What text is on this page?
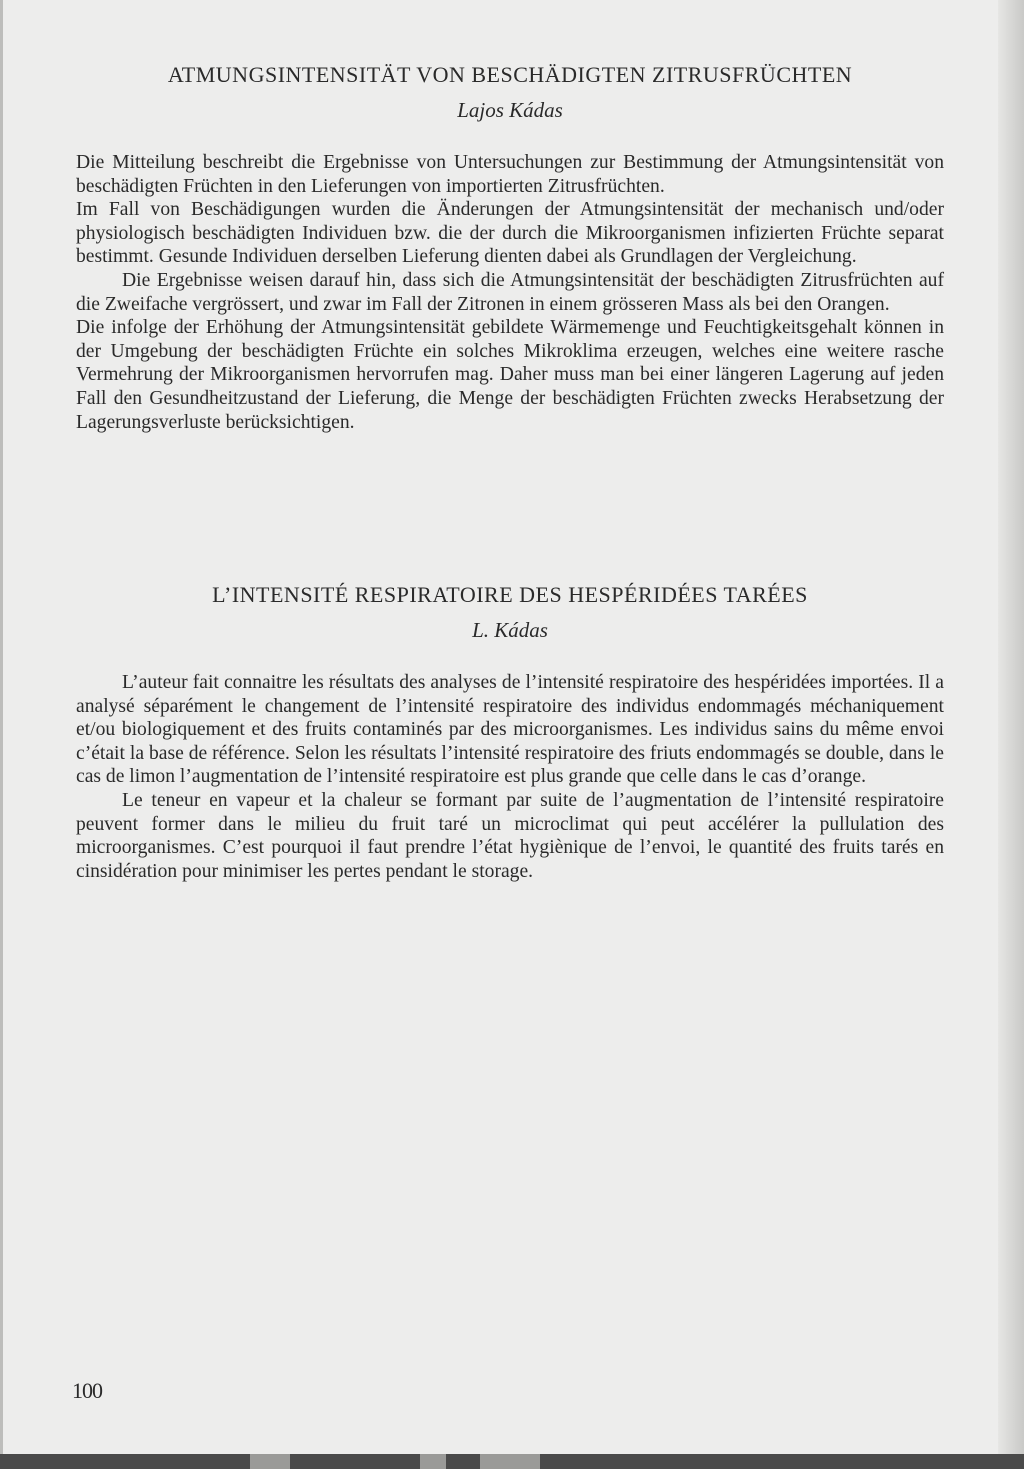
ATMUNGSINTENSITÄT VON BESCHÄDIGTEN ZITRUSFRÜCHTEN
Lajos Kádas

Die Mitteilung beschreibt die Ergebnisse von Untersuchungen zur Bestimmung der Atmungsintensität von beschädigten Früchten in den Lieferungen von importierten Zitrusfrüchten.

Im Fall von Beschädigungen wurden die Änderungen der Atmungsintensität der mechanisch und/oder physiologisch beschädigten Individuen bzw. die der durch die Mikroorganismen infizierten Früchte separat bestimmt. Gesunde Individuen derselben Lieferung dienten dabei als Grundlagen der Vergleichung.

Die Ergebnisse weisen darauf hin, dass sich die Atmungsintensität der beschädigten Zitrusfrüchten auf die Zweifache vergrössert, und zwar im Fall der Zitronen in einem grösseren Mass als bei den Orangen.

Die infolge der Erhöhung der Atmungsintensität gebildete Wärmemenge und Feuchtigkeitsgehalt können in der Umgebung der beschädigten Früchte ein solches Mikroklima erzeugen, welches eine weitere rasche Vermehrung der Mikroorganismen hervorrufen mag. Daher muss man bei einer längeren Lagerung auf jeden Fall den Gesundheitzustand der Lieferung, die Menge der beschädigten Früchten zwecks Herabsetzung der Lagerungsverluste berücksichtigen.

L’INTENSITÉ RESPIRATOIRE DES HESPÉRIDÉES TARÉES
L. Kádas

L’auteur fait connaitre les résultats des analyses de l’intensité respiratoire des hespéridées importées. Il a analysé séparément le changement de l’intensité respiratoire des individus endommagés méchaniquement et/ou biologiquement et des fruits contaminés par des microorganismes. Les individus sains du même envoi c’était la base de référence. Selon les résultats l’intensité respiratoire des friuts endommagés se double, dans le cas de limon l’augmentation de l’intensité respiratoire est plus grande que celle dans le cas d’orange.

Le teneur en vapeur et la chaleur se formant par suite de l’augmentation de l’intensité respiratoire peuvent former dans le milieu du fruit taré un microclimat qui peut accélérer la pullulation des microorganismes. C’est pourquoi il faut prendre l’état hygiènique de l’envoi, le quantité des fruits tarés en cinsidération pour minimiser les pertes pendant le storage.

100
